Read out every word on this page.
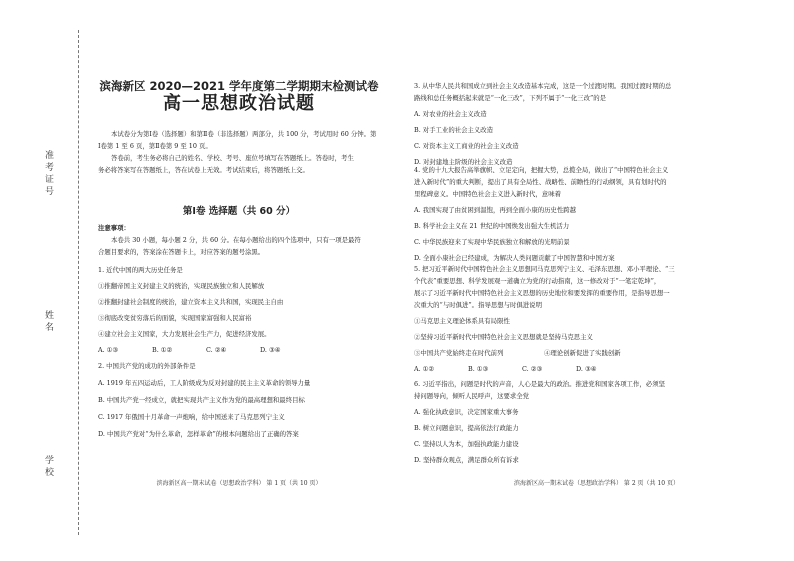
准考证号
姓名
学校
滨海新区 2020—2021 学年度第二学期期末检测试卷
高一思想政治试题

本试卷分为第Ⅰ卷（选择题）和第Ⅱ卷（非选择题）两部分，共 100 分，考试用时 60 分钟。第

Ⅰ卷第 1 至 6 页，第Ⅱ卷第 9 至 10 页。

答卷前，考生务必将自己的姓名、学校、考号、座位号填写在答题纸上。答卷时，考生

务必将答案写在答题纸上，答在试卷上无效。考试结束后，将答题纸上交。

第Ⅰ卷 选择题（共 60 分）

注意事项：

本卷共 30 小题，每小题 2 分，共 60 分。在每小题给出的四个选项中，只有一项是最符

合题目要求的，答案涂在答题卡上，对应答案的题号涂黑。

1. 近代中国的两大历史任务是

①推翻帝国主义封建主义的统治，实现民族独立和人民解放

②推翻封建社会制度的统治，建立资本主义共和国，实现民主自由

③彻底改变贫穷落后的面貌，实现国家富强和人民富裕

④建立社会主义国家，大力发展社会生产力，促进经济发展。

A. ①③	B. ①②	C. ②④	D. ③④

2. 中国共产党的成功的外部条件是

A. 1919 年五四运动后，工人阶级成为反对封建的民主主义革命的领导力量

B. 中国共产党一经成立，就把实现共产主义作为党的最高理想和最终目标

C. 1917 年俄国十月革命一声炮响，给中国送来了马克思列宁主义

D. 中国共产党对“为什么革命，怎样革命”的根本问题给出了正确的答案

滨海新区高一期末试卷（思想政治学科） 第 1 页（共 10 页）

3. 从中华人民共和国成立到社会主义改造基本完成，这是一个过渡时期。我国过渡时期的总

路线和总任务概括起来就是“一化三改”，下列不属于“一化三改”的是

A. 对农业的社会主义改造

B. 对手工业的社会主义改造

C. 对资本主义工商业的社会主义改造

D. 对封建地主阶级的社会主义改造

4. 党的十九大报告高举旗帜、立足定向，把握大势，总揽全局，做出了“中国特色社会主义

进入新时代”的重大判断，提出了具有全局性、战略性、前瞻性的行动纲领，具有划时代的

里程碑意义。中国特色社会主义进入新时代，意味着

A. 我国实现了由贫困到温饱，再到全面小康的历史性跨越

B. 科学社会主义在 21 世纪的中国焕发出强大生机活力

C. 中华民族迎来了实现中华民族独立和解放的光明前景

D. 全面小康社会已经建成，为解决人类问题贡献了中国智慧和中国方案

5. 把习近平新时代中国特色社会主义思想同马克思列宁主义、毛泽东思想、邓小平理论、“三

个代表”重要思想、科学发展观一道确立为党的行动指南，这一修改对于“一笔定乾坤”，

展示了习近平新时代中国特色社会主义思想的历史地位和要发挥的重要作用，是指导思想一

次重大的“与时俱进”。指导思想与时俱进说明

①马克思主义理论体系具有局限性

②坚持习近平新时代中国特色社会主义思想就是坚持马克思主义

③中国共产党始终走在时代前列	④理论创新促进了实践创新
A. ①②	B. ①③	C. ②③	D. ③④

6. 习近平指出，问题是时代的声音，人心是最大的政治。推进党和国家各项工作，必须坚

持问题导向，倾听人民呼声，这要求全党

A. 强化执政意识，决定国家重大事务

B. 树立问题意识，提高依法行政能力

C. 坚持以人为本，加强执政能力建设

D. 坚持群众观点，满足群众所有诉求

滨海新区高一期末试卷（思想政治学科） 第 2 页（共 10 页）
